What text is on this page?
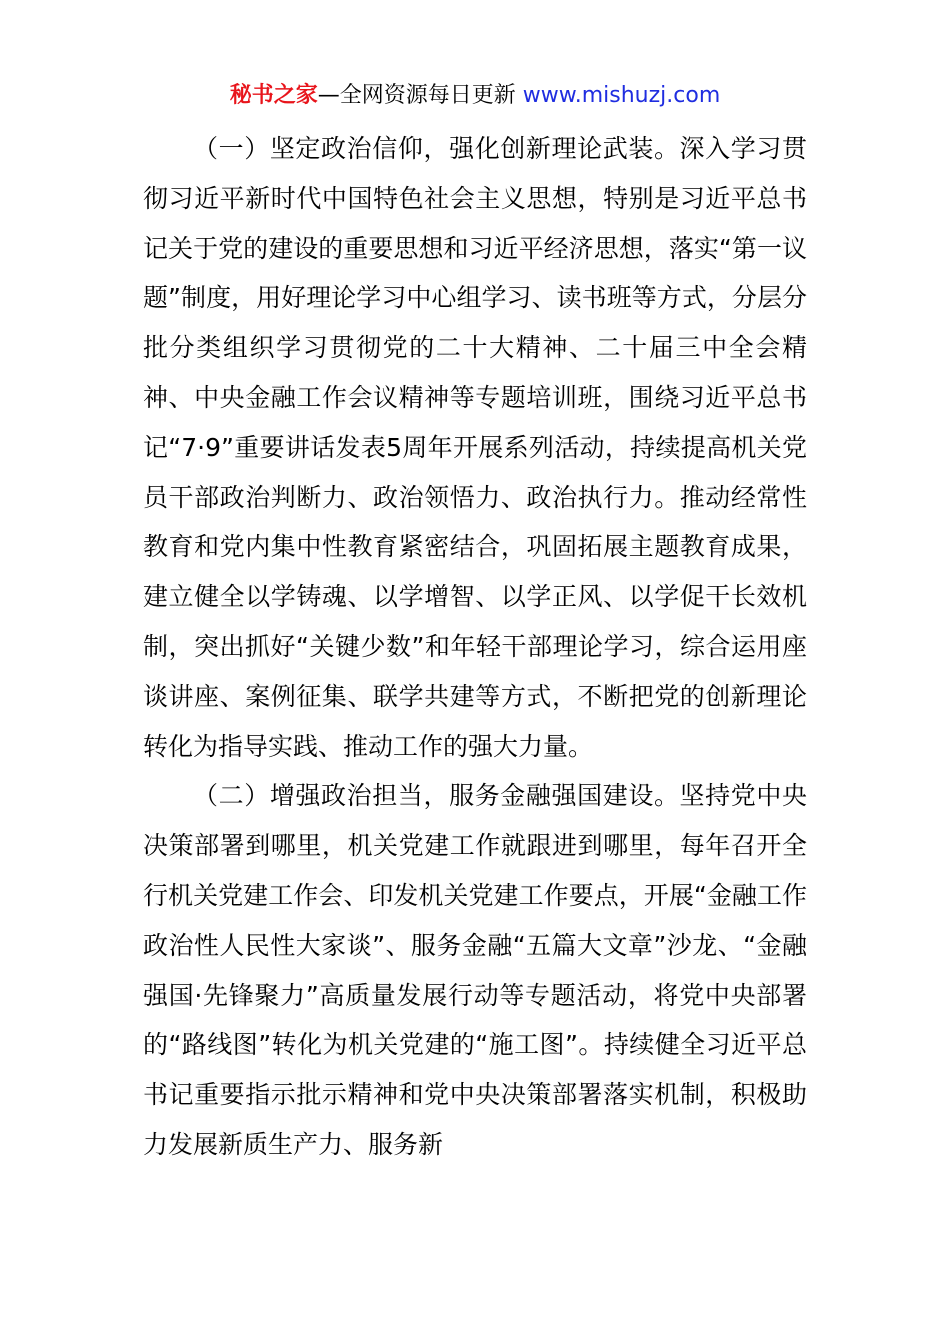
秘书之家—全网资源每日更新 www.mishuzj.com

（一）坚定政治信仰，强化创新理论武装。深入学习贯彻习近平新时代中国特色社会主义思想，特别是习近平总书记关于党的建设的重要思想和习近平经济思想，落实“第一议题”制度，用好理论学习中心组学习、读书班等方式，分层分批分类组织学习贯彻党的二十大精神、二十届三中全会精神、中央金融工作会议精神等专题培训班，围绕习近平总书记“7·9”重要讲话发表5周年开展系列活动，持续提高机关党员干部政治判断力、政治领悟力、政治执行力。推动经常性教育和党内集中性教育紧密结合，巩固拓展主题教育成果，建立健全以学铸魂、以学增智、以学正风、以学促干长效机制，突出抓好“关键少数”和年轻干部理论学习，综合运用座谈讲座、案例征集、联学共建等方式，不断把党的创新理论转化为指导实践、推动工作的强大力量。

（二）增强政治担当，服务金融强国建设。坚持党中央决策部署到哪里，机关党建工作就跟进到哪里，每年召开全行机关党建工作会、印发机关党建工作要点，开展“金融工作政治性人民性大家谈”、服务金融“五篇大文章”沙龙、“金融强国·先锋聚力”高质量发展行动等专题活动，将党中央部署的“路线图”转化为机关党建的“施工图”。持续健全习近平总书记重要指示批示精神和党中央决策部署落实机制，积极助力发展新质生产力、服务新
